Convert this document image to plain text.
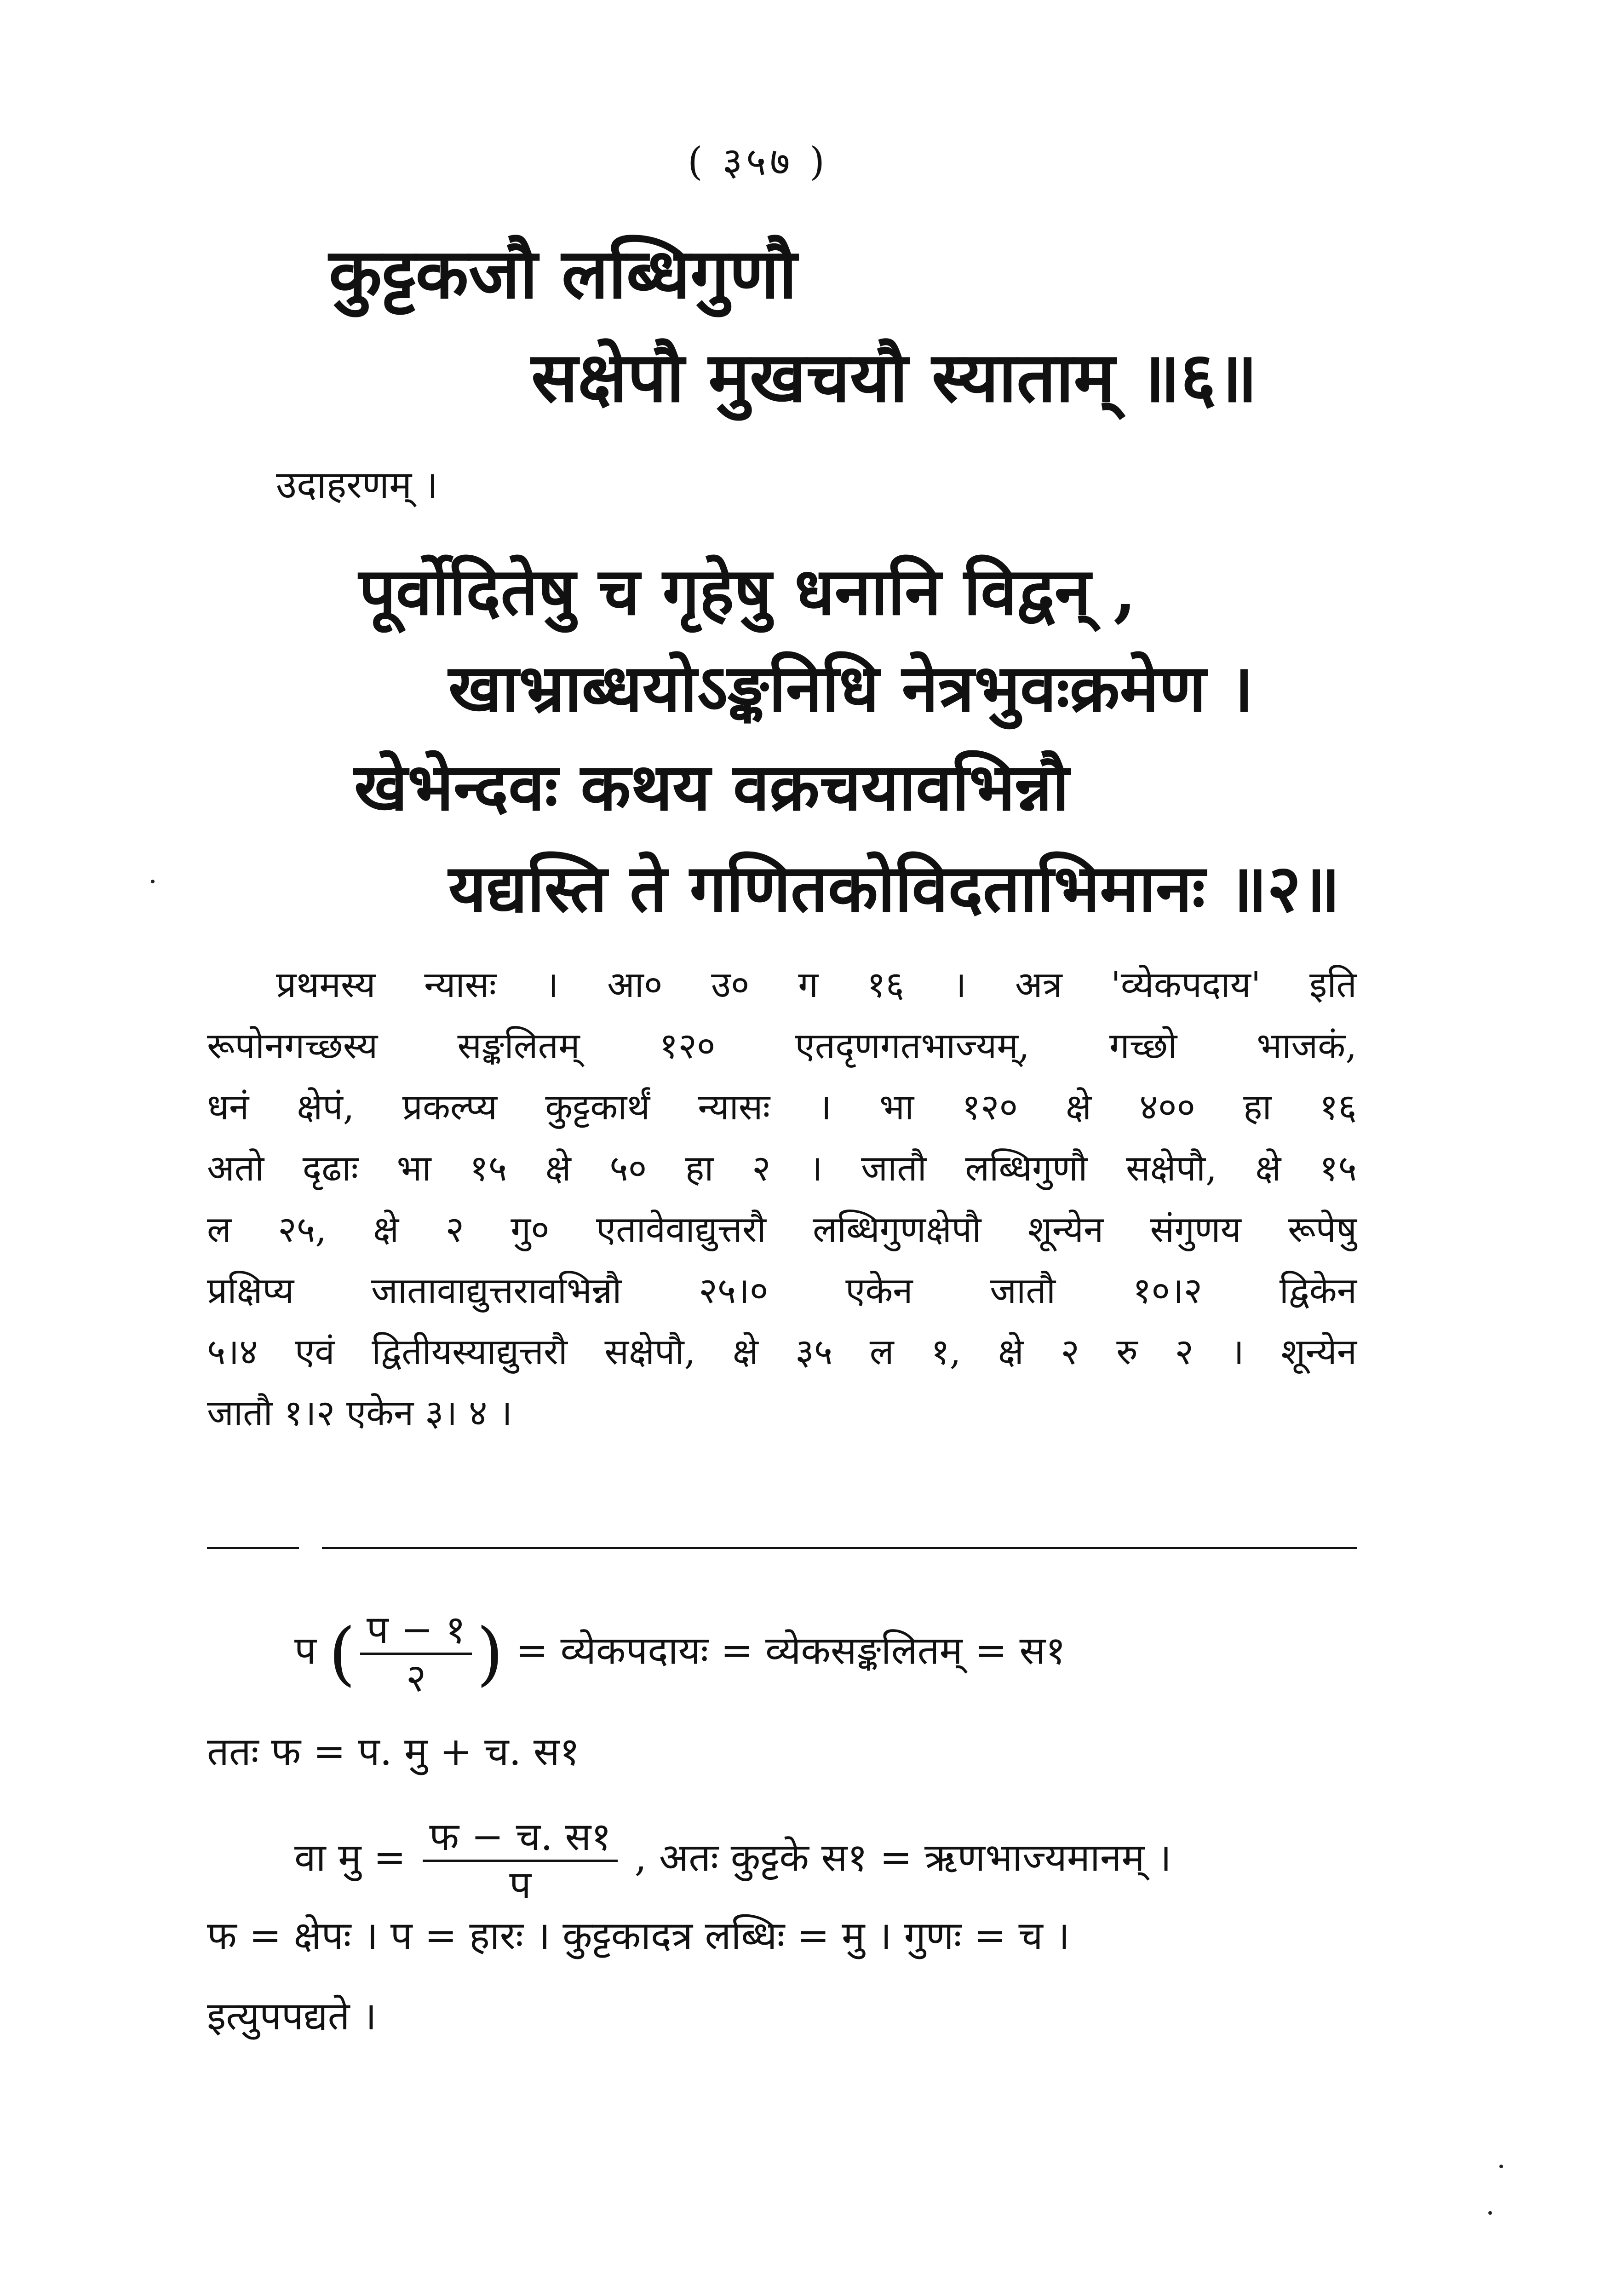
( ३५७ )
कुट्टकजौ लब्धिगुणौ
सक्षेपौ मुखचयौ स्याताम् ॥६॥
उदाहरणम् ।
पूर्वोदितेषु च गृहेषु धनानि विद्वन् ,
खाभ्राब्धयोऽङ्कनिधि नेत्रभुवःक्रमेण ।
खेभेन्दवः कथय वक्रचयावभिन्नौ
यद्यस्ति ते गणितकोविदताभिमानः ॥२॥
प्रथमस्य न्यासः । आ० उ० ग १६ । अत्र 'व्येकपदाय' इति
रूपोनगच्छस्य सङ्कलितम् १२० एतदृणगतभाज्यम्, गच्छो भाजकं,
धनं क्षेपं, प्रकल्प्य कुट्टकार्थं न्यासः । भा १२० क्षे ४०० हा १६
अतो दृढाः भा १५ क्षे ५० हा २ । जातौ लब्धिगुणौ सक्षेपौ, क्षे १५
ल २५, क्षे २ गु० एतावेवाद्युत्तरौ लब्धिगुणक्षेपौ शून्येन संगुणय रूपेषु
प्रक्षिप्य जातावाद्युत्तरावभिन्नौ २५।० एकेन जातौ १०।२ द्विकेन
५।४ एवं द्वितीयस्याद्युत्तरौ सक्षेपौ, क्षे ३५ ल १, क्षे २ रु २ । शून्येन
जातौ १।२ एकेन ३। ४ ।
प ( $\frac{\text{प − १}}{२}$ ) = व्येकपदायः = व्येकसङ्कलितम् = स१
ततः फ = प. मु + च. स१
वा मु = $\frac{\text{फ − च. स१}}{\text{प}}$ , अतः कुट्टके स१ = ऋणभाज्यमानम् ।
फ = क्षेपः । प = हारः । कुट्टकादत्र लब्धिः = मु । गुणः = च ।
इत्युपपद्यते ।
